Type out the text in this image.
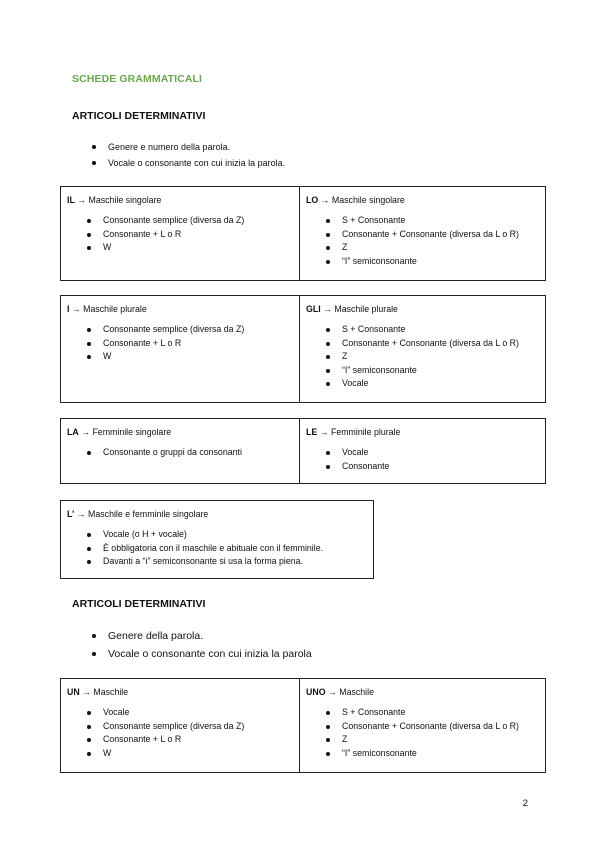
SCHEDE GRAMMATICALI
ARTICOLI DETERMINATIVI
Genere e numero della parola.
Vocale o consonante con cui inizia la parola.
IL → Maschile singolare
Consonante semplice (diversa da Z)
Consonante + L o R
W
LO → Maschile singolare
S + Consonante
Consonante + Consonante (diversa da L o R)
Z
“I” semiconsonante
I → Maschile plurale
Consonante semplice (diversa da Z)
Consonante + L o R
W
GLI → Maschile plurale
S + Consonante
Consonante + Consonante (diversa da L o R)
Z
“I” semiconsonante
Vocale
LA → Femminile singolare
Consonante o gruppi da consonanti
LE → Femminile plurale
Vocale
Consonante
L’ → Maschile e femminile singolare
Vocale (o H + vocale)
È obbligatoria con il maschile e abituale con il femminile.
Davanti a “i” semiconsonante si usa la forma piena.
ARTICOLI DETERMINATIVI
Genere della parola.
Vocale o consonante con cui inizia la parola
UN → Maschile
Vocale
Consonante semplice (diversa da Z)
Consonante + L o R
W
UNO → Maschile
S + Consonante
Consonante + Consonante (diversa da L o R)
Z
“I” semiconsonante
2
